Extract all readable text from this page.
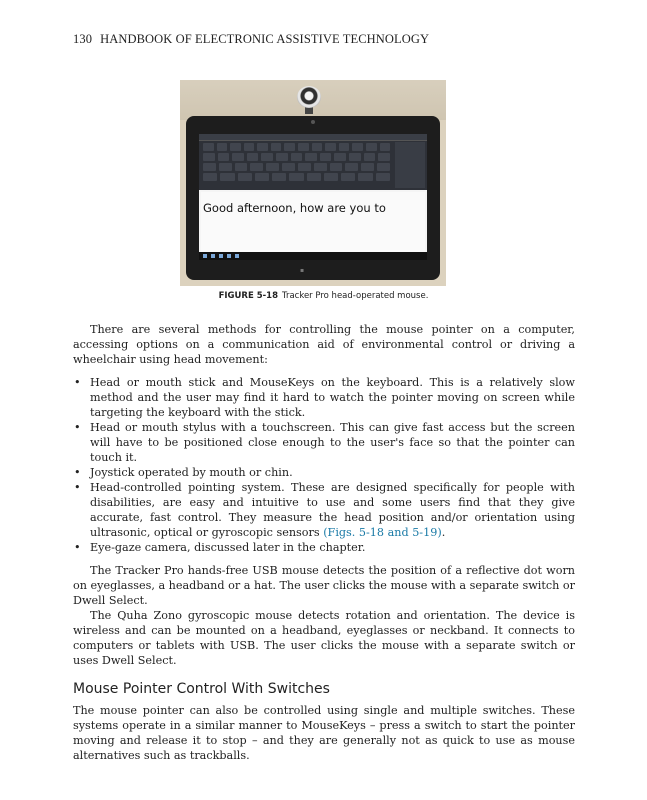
130 HANDBOOK OF ELECTRONIC ASSISTIVE TECHNOLOGY
Good afternoon, how are you to
▪
FIGURE 5-18 Tracker Pro head-operated mouse.

There are several methods for controlling the mouse pointer on a computer, accessing options on a communication aid of environmental control or driving a wheelchair using head movement:

• Head or mouth stick and MouseKeys on the keyboard. This is a relatively slow method and the user may find it hard to watch the pointer moving on screen while targeting the keyboard with the stick.
• Head or mouth stylus with a touchscreen. This can give fast access but the screen will have to be positioned close enough to the user's face so that the pointer can touch it.
• Joystick operated by mouth or chin.
• Head-controlled pointing system. These are designed specifically for people with disabilities, are easy and intuitive to use and some users find that they give accurate, fast control. They measure the head position and/or orientation using ultrasonic, optical or gyroscopic sensors (Figs. 5-18 and 5-19).
• Eye-gaze camera, discussed later in the chapter.

The Tracker Pro hands-free USB mouse detects the position of a reflective dot worn on eyeglasses, a headband or a hat. The user clicks the mouse with a separate switch or Dwell Select.

The Quha Zono gyroscopic mouse detects rotation and orientation. The device is wireless and can be mounted on a headband, eyeglasses or neckband. It connects to computers or tablets with USB. The user clicks the mouse with a separate switch or uses Dwell Select.

Mouse Pointer Control With Switches

The mouse pointer can also be controlled using single and multiple switches. These systems operate in a similar manner to MouseKeys – press a switch to start the pointer moving and release it to stop – and they are generally not as quick to use as mouse alternatives such as trackballs.
